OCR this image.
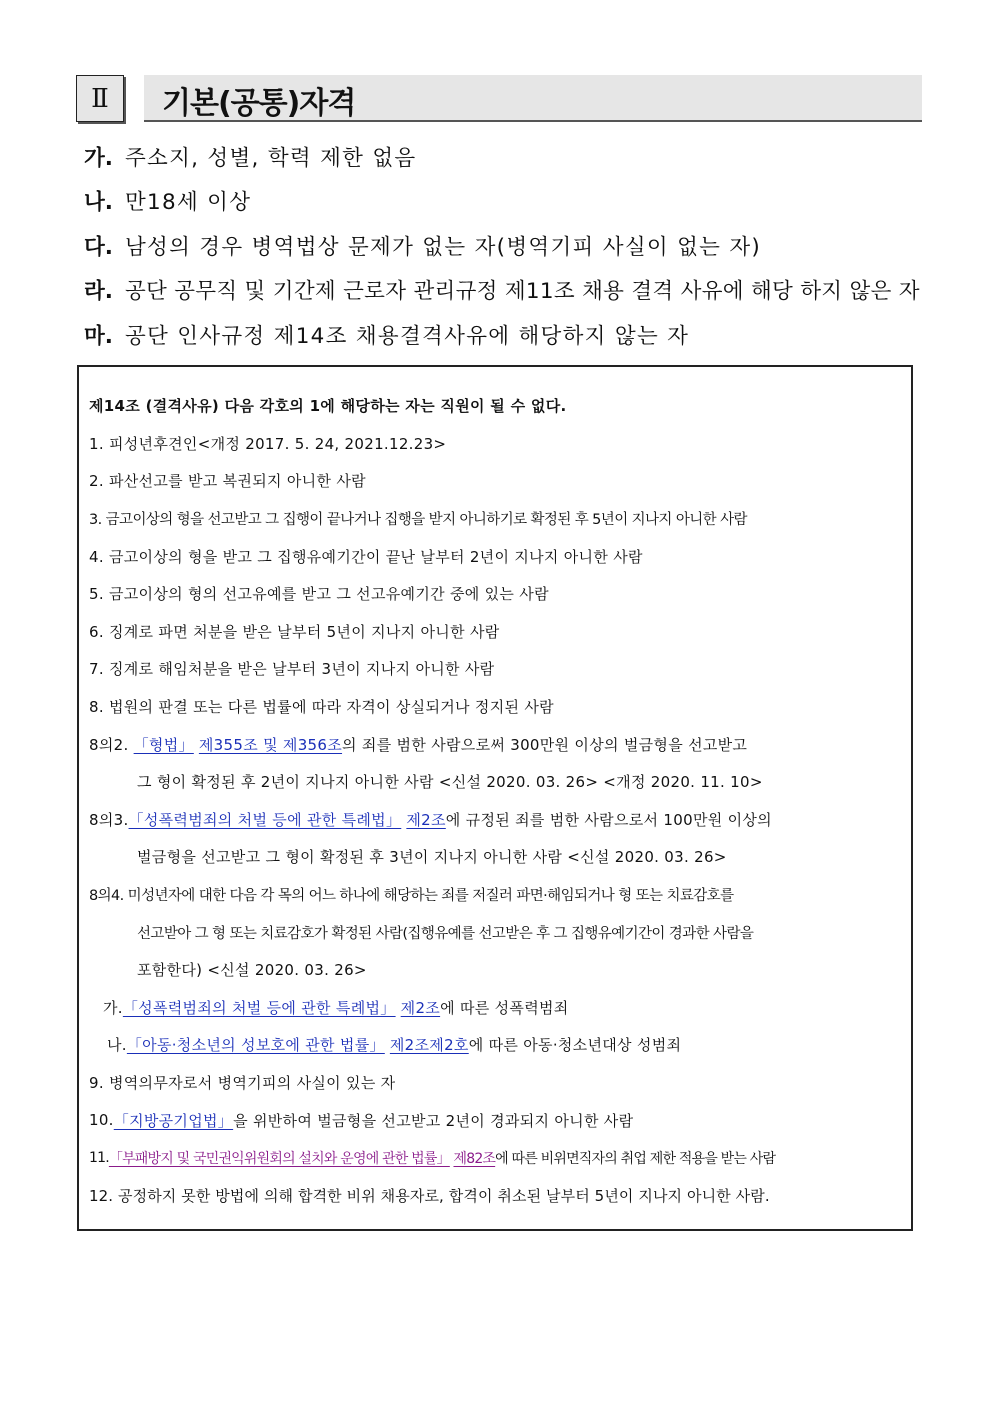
Ⅱ	기본(공통)자격
가. 주소지, 성별, 학력 제한 없음
나. 만18세 이상
다. 남성의 경우 병역법상 문제가 없는 자(병역기피 사실이 없는 자)
라. 공단 공무직 및 기간제 근로자 관리규정 제11조 채용 결격 사유에 해당 하지 않은 자
마. 공단 인사규정 제14조 채용결격사유에 해당하지 않는 자
제14조 (결격사유) 다음 각호의 1에 해당하는 자는 직원이 될 수 없다.
1. 피성년후견인<개정 2017. 5. 24, 2021.12.23>
2. 파산선고를 받고 복권되지 아니한 사람
3. 금고이상의 형을 선고받고 그 집행이 끝나거나 집행을 받지 아니하기로 확정된 후 5년이 지나지 아니한 사람
4. 금고이상의 형을 받고 그 집행유예기간이 끝난 날부터 2년이 지나지 아니한 사람
5. 금고이상의 형의 선고유예를 받고 그 선고유예기간 중에 있는 사람
6. 징계로 파면 처분을 받은 날부터 5년이 지나지 아니한 사람
7. 징계로 해임처분을 받은 날부터 3년이 지나지 아니한 사람
8. 법원의 판결 또는 다른 법률에 따라 자격이 상실되거나 정지된 사람
8의2.
「형법」
제355조 및 제356조 의 죄를 범한 사람으로써 300만원 이상의 벌금형을 선고받고
그 형이 확정된 후 2년이 지나지 아니한 사람 <신설 2020. 03. 26> <개정 2020. 11. 10>
8의3. 「성폭력범죄의 처벌 등에 관한 특례법」
제2조 에 규정된 죄를 범한 사람으로서 100만원 이상의
벌금형을 선고받고 그 형이 확정된 후 3년이 지나지 아니한 사람 <신설 2020. 03. 26>
8의4. 미성년자에 대한 다음 각 목의 어느 하나에 해당하는 죄를 저질러 파면·해임되거나 형 또는 치료감호를
선고받아 그 형 또는 치료감호가 확정된 사람(집행유예를 선고받은 후 그 집행유예기간이 경과한 사람을
포함한다) <신설 2020. 03. 26>
가. 「성폭력범죄의 처벌 등에 관한 특례법」
제2조 에 따른 성폭력범죄
나. 「아동·청소년의 성보호에 관한 법률」
제2조제2호 에 따른 아동·청소년대상 성범죄
9. 병역의무자로서 병역기피의 사실이 있는 자
10. 「지방공기업법」 을 위반하여 벌금형을 선고받고 2년이 경과되지 아니한 사람
11. 「부패방지 및 국민권익위원회의 설치와 운영에 관한 법률」
제82조 에 따른 비위면직자의 취업 제한 적용을 받는 사람
12. 공정하지 못한 방법에 의해 합격한 비위 채용자로, 합격이 취소된 날부터 5년이 지나지 아니한 사람.
